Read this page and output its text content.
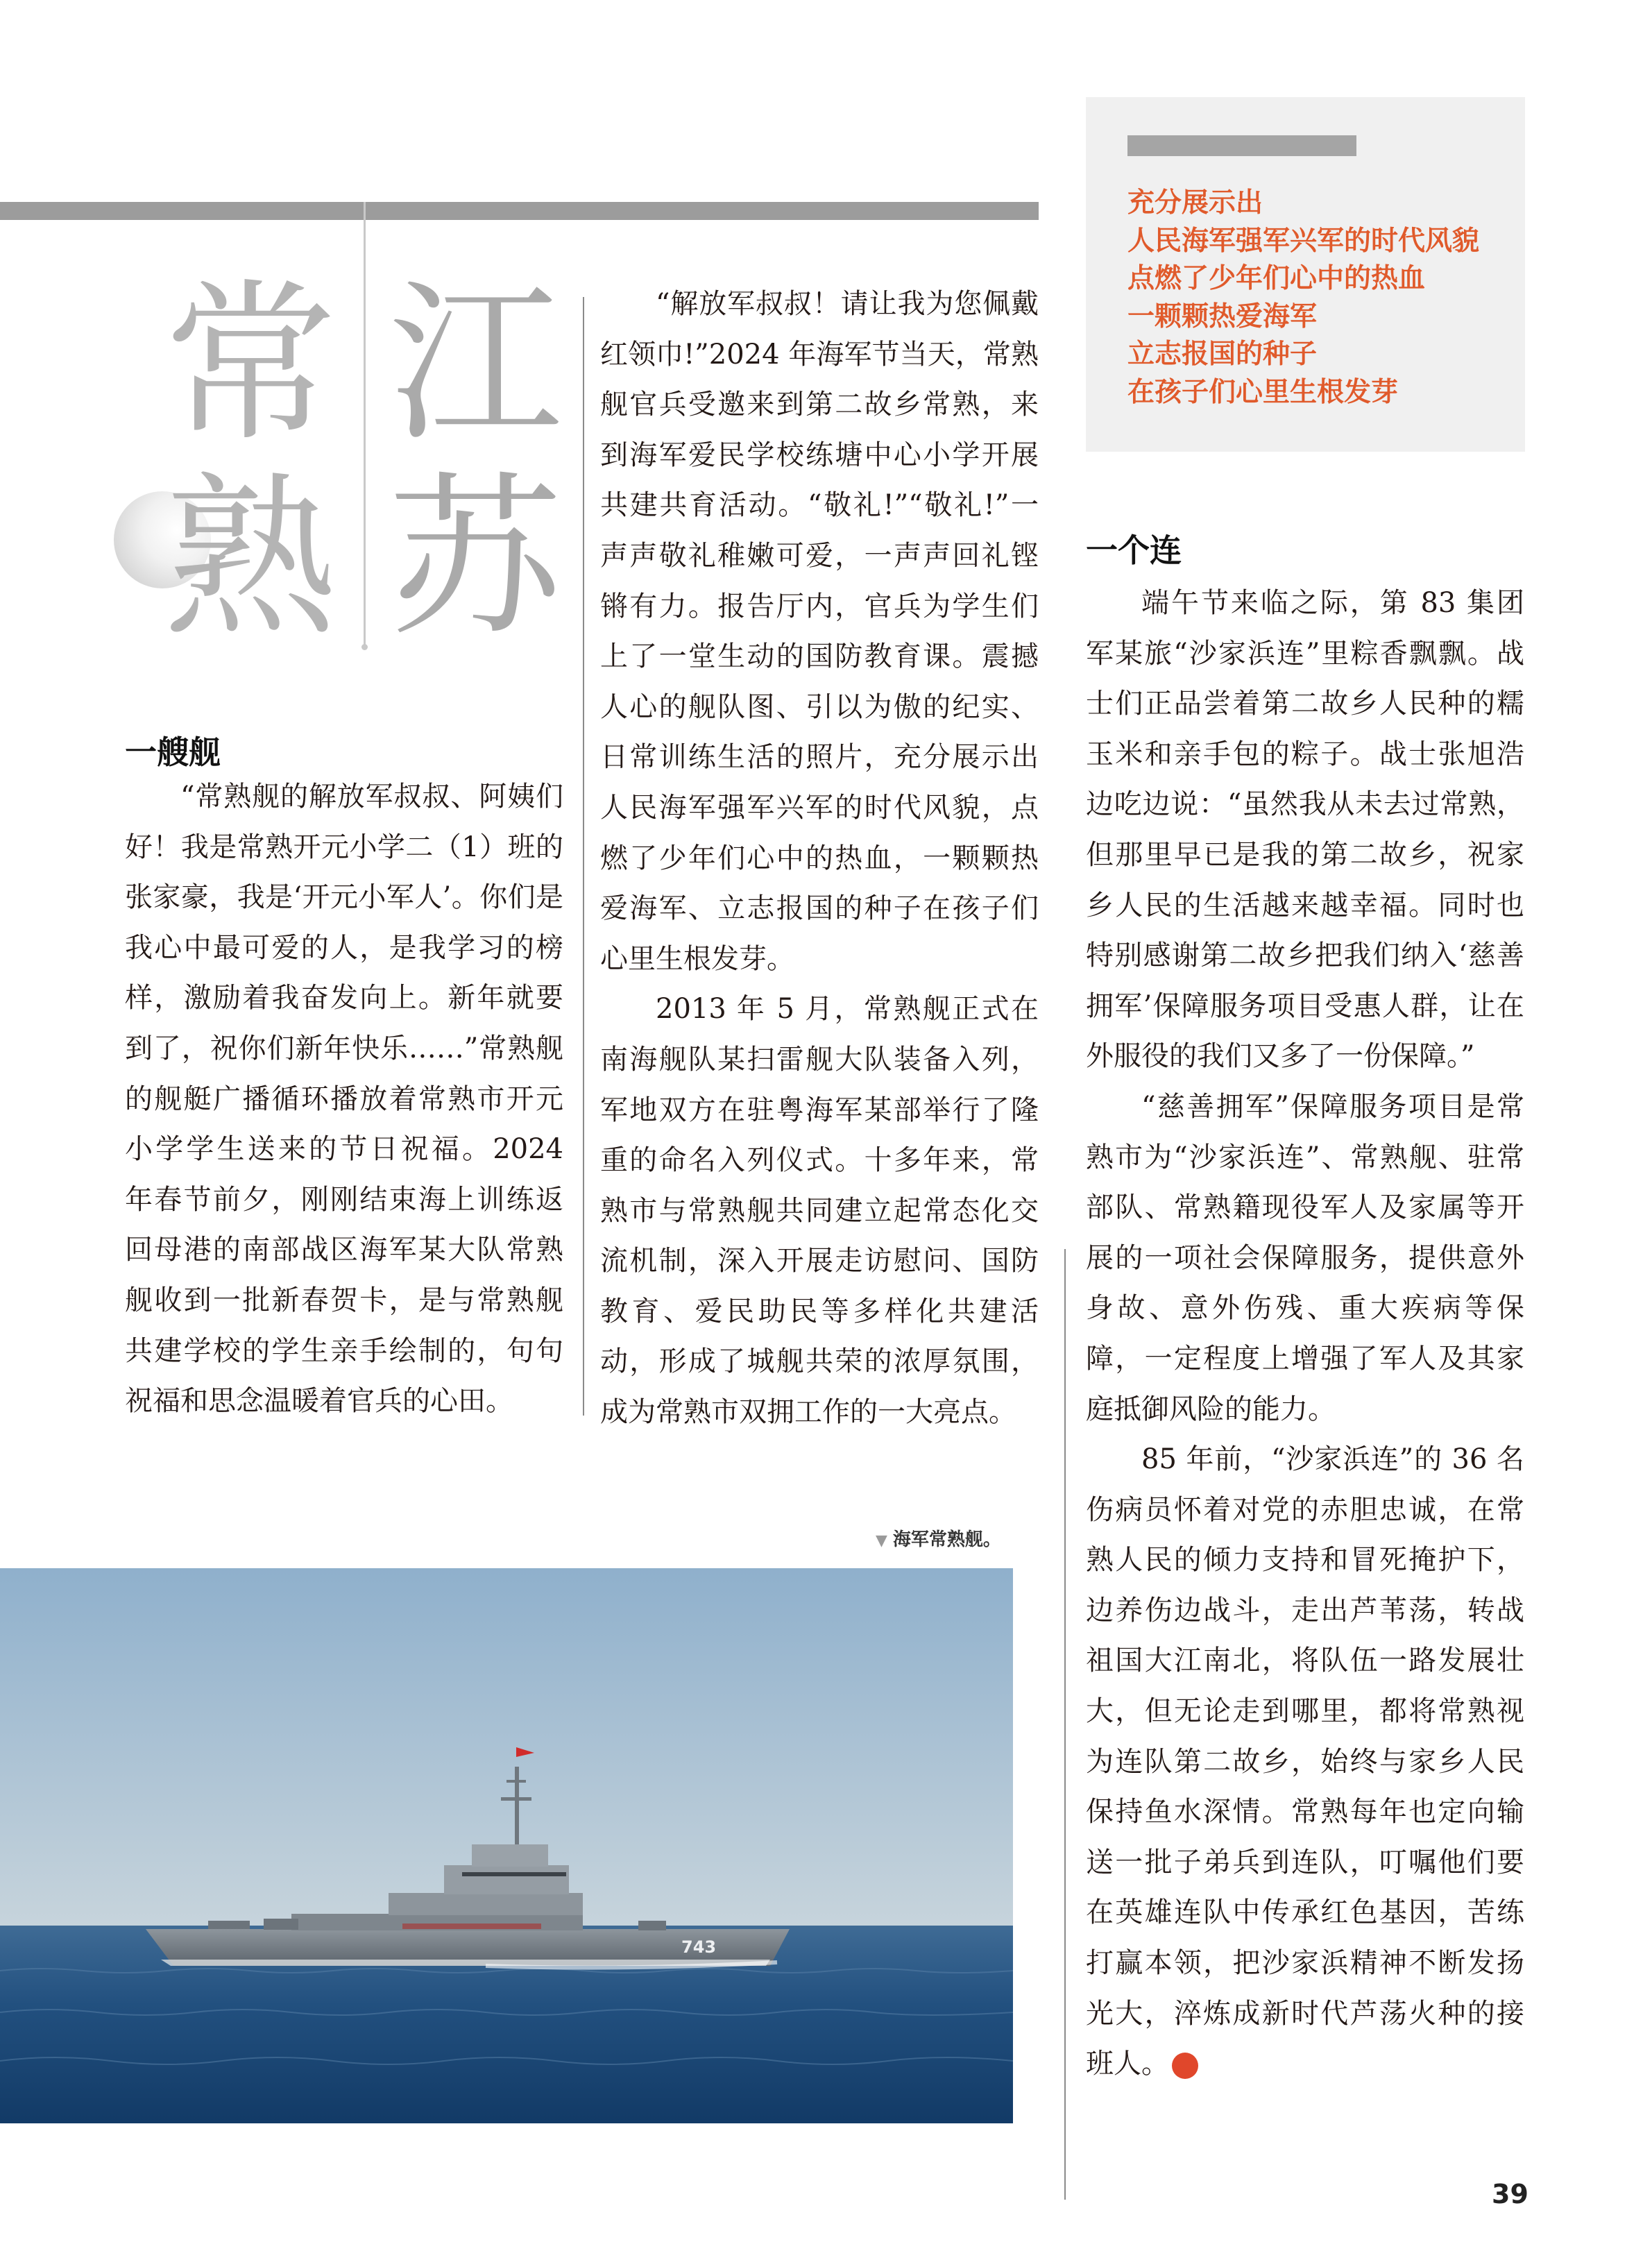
常
熟
江
苏
充分展示出
人民海军强军兴军的时代风貌
点燃了少年们心中的热血
一颗颗热爱海军
立志报国的种子
在孩子们心里生根发芽
一艘舰

“常熟舰的解放军叔叔、阿姨们好！我是常熟开元小学二（1）班的张家豪，我是‘开元小军人’。你们是我心中最可爱的人，是我学习的榜样，激励着我奋发向上。新年就要到了，祝你们新年快乐……”常熟舰的舰艇广播循环播放着常熟市开元小学学生送来的节日祝福。2024 年春节前夕，刚刚结束海上训练返回母港的南部战区海军某大队常熟舰收到一批新春贺卡，是与常熟舰共建学校的学生亲手绘制的，句句祝福和思念温暖着官兵的心田。

“解放军叔叔！请让我为您佩戴红领巾!”2024 年海军节当天，常熟舰官兵受邀来到第二故乡常熟，来到海军爱民学校练塘中心小学开展共建共育活动。“敬礼!”“敬礼!”一声声敬礼稚嫩可爱，一声声回礼铿锵有力。报告厅内，官兵为学生们上了一堂生动的国防教育课。震撼人心的舰队图、引以为傲的纪实、日常训练生活的照片，充分展示出人民海军强军兴军的时代风貌，点燃了少年们心中的热血，一颗颗热爱海军、立志报国的种子在孩子们心里生根发芽。

2013 年 5 月，常熟舰正式在南海舰队某扫雷舰大队装备入列，军地双方在驻粤海军某部举行了隆重的命名入列仪式。十多年来，常熟市与常熟舰共同建立起常态化交流机制，深入开展走访慰问、国防教育、爱民助民等多样化共建活动，形成了城舰共荣的浓厚氛围，成为常熟市双拥工作的一大亮点。

一个连

端午节来临之际，第 83 集团军某旅“沙家浜连”里粽香飘飘。战士们正品尝着第二故乡人民种的糯玉米和亲手包的粽子。战士张旭浩边吃边说：“虽然我从未去过常熟，但那里早已是我的第二故乡，祝家乡人民的生活越来越幸福。同时也特别感谢第二故乡把我们纳入‘慈善拥军’保障服务项目受惠人群，让在外服役的我们又多了一份保障。”

“慈善拥军”保障服务项目是常熟市为“沙家浜连”、常熟舰、驻常部队、常熟籍现役军人及家属等开展的一项社会保障服务，提供意外身故、意外伤残、重大疾病等保障，一定程度上增强了军人及其家庭抵御风险的能力。

85 年前，“沙家浜连”的 36 名伤病员怀着对党的赤胆忠诚，在常熟人民的倾力支持和冒死掩护下，边养伤边战斗，走出芦苇荡，转战祖国大江南北，将队伍一路发展壮大，但无论走到哪里，都将常熟视为连队第二故乡，始终与家乡人民保持鱼水深情。常熟每年也定向输送一批子弟兵到连队，叮嘱他们要在英雄连队中传承红色基因，苦练打赢本领，把沙家浜精神不断发扬光大，淬炼成新时代芦荡火种的接班人。	N

▼ 海军常熟舰。
743
39
